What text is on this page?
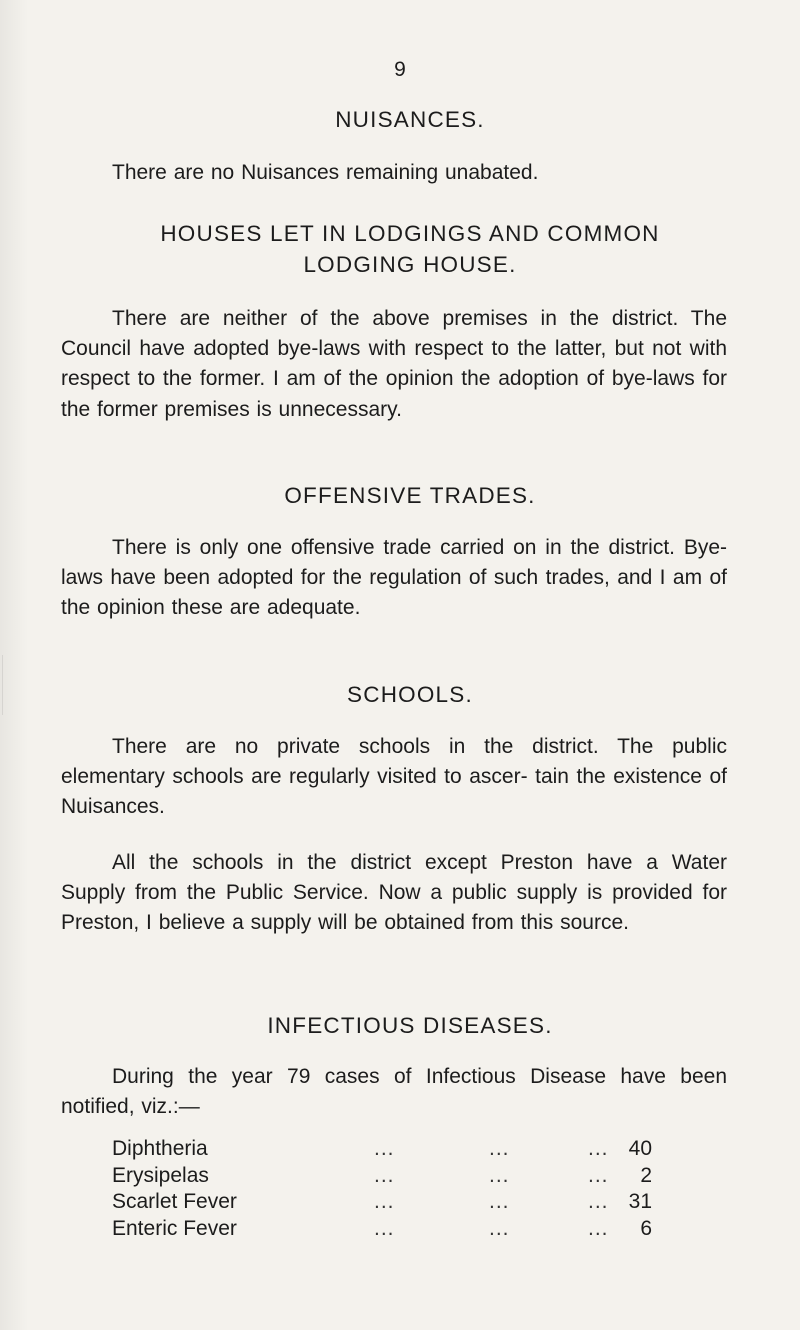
9
NUISANCES.
There are no Nuisances remaining unabated.
HOUSES LET IN LODGINGS AND COMMON
LODGING HOUSE.
There are neither of the above premises in the district. The Council have adopted bye-laws with respect to the latter, but not with respect to the former. I am of the opinion the adoption of bye-laws for the former premises is unnecessary.
OFFENSIVE TRADES.
There is only one offensive trade carried on in the district. Bye-laws have been adopted for the regulation of such trades, and I am of the opinion these are adequate.
SCHOOLS.
There are no private schools in the district. The public elementary schools are regularly visited to ascer- tain the existence of Nuisances.
All the schools in the district except Preston have a Water Supply from the Public Service. Now a public supply is provided for Preston, I believe a supply will be obtained from this source.
INFECTIOUS DISEASES.
During the year 79 cases of Infectious Disease have been notified, viz.:—
Diphtheria	...	...	... 40
Erysipelas	...	...	...	2
Scarlet Fever	...	...	... 31
Enteric Fever	...	...	...	6
